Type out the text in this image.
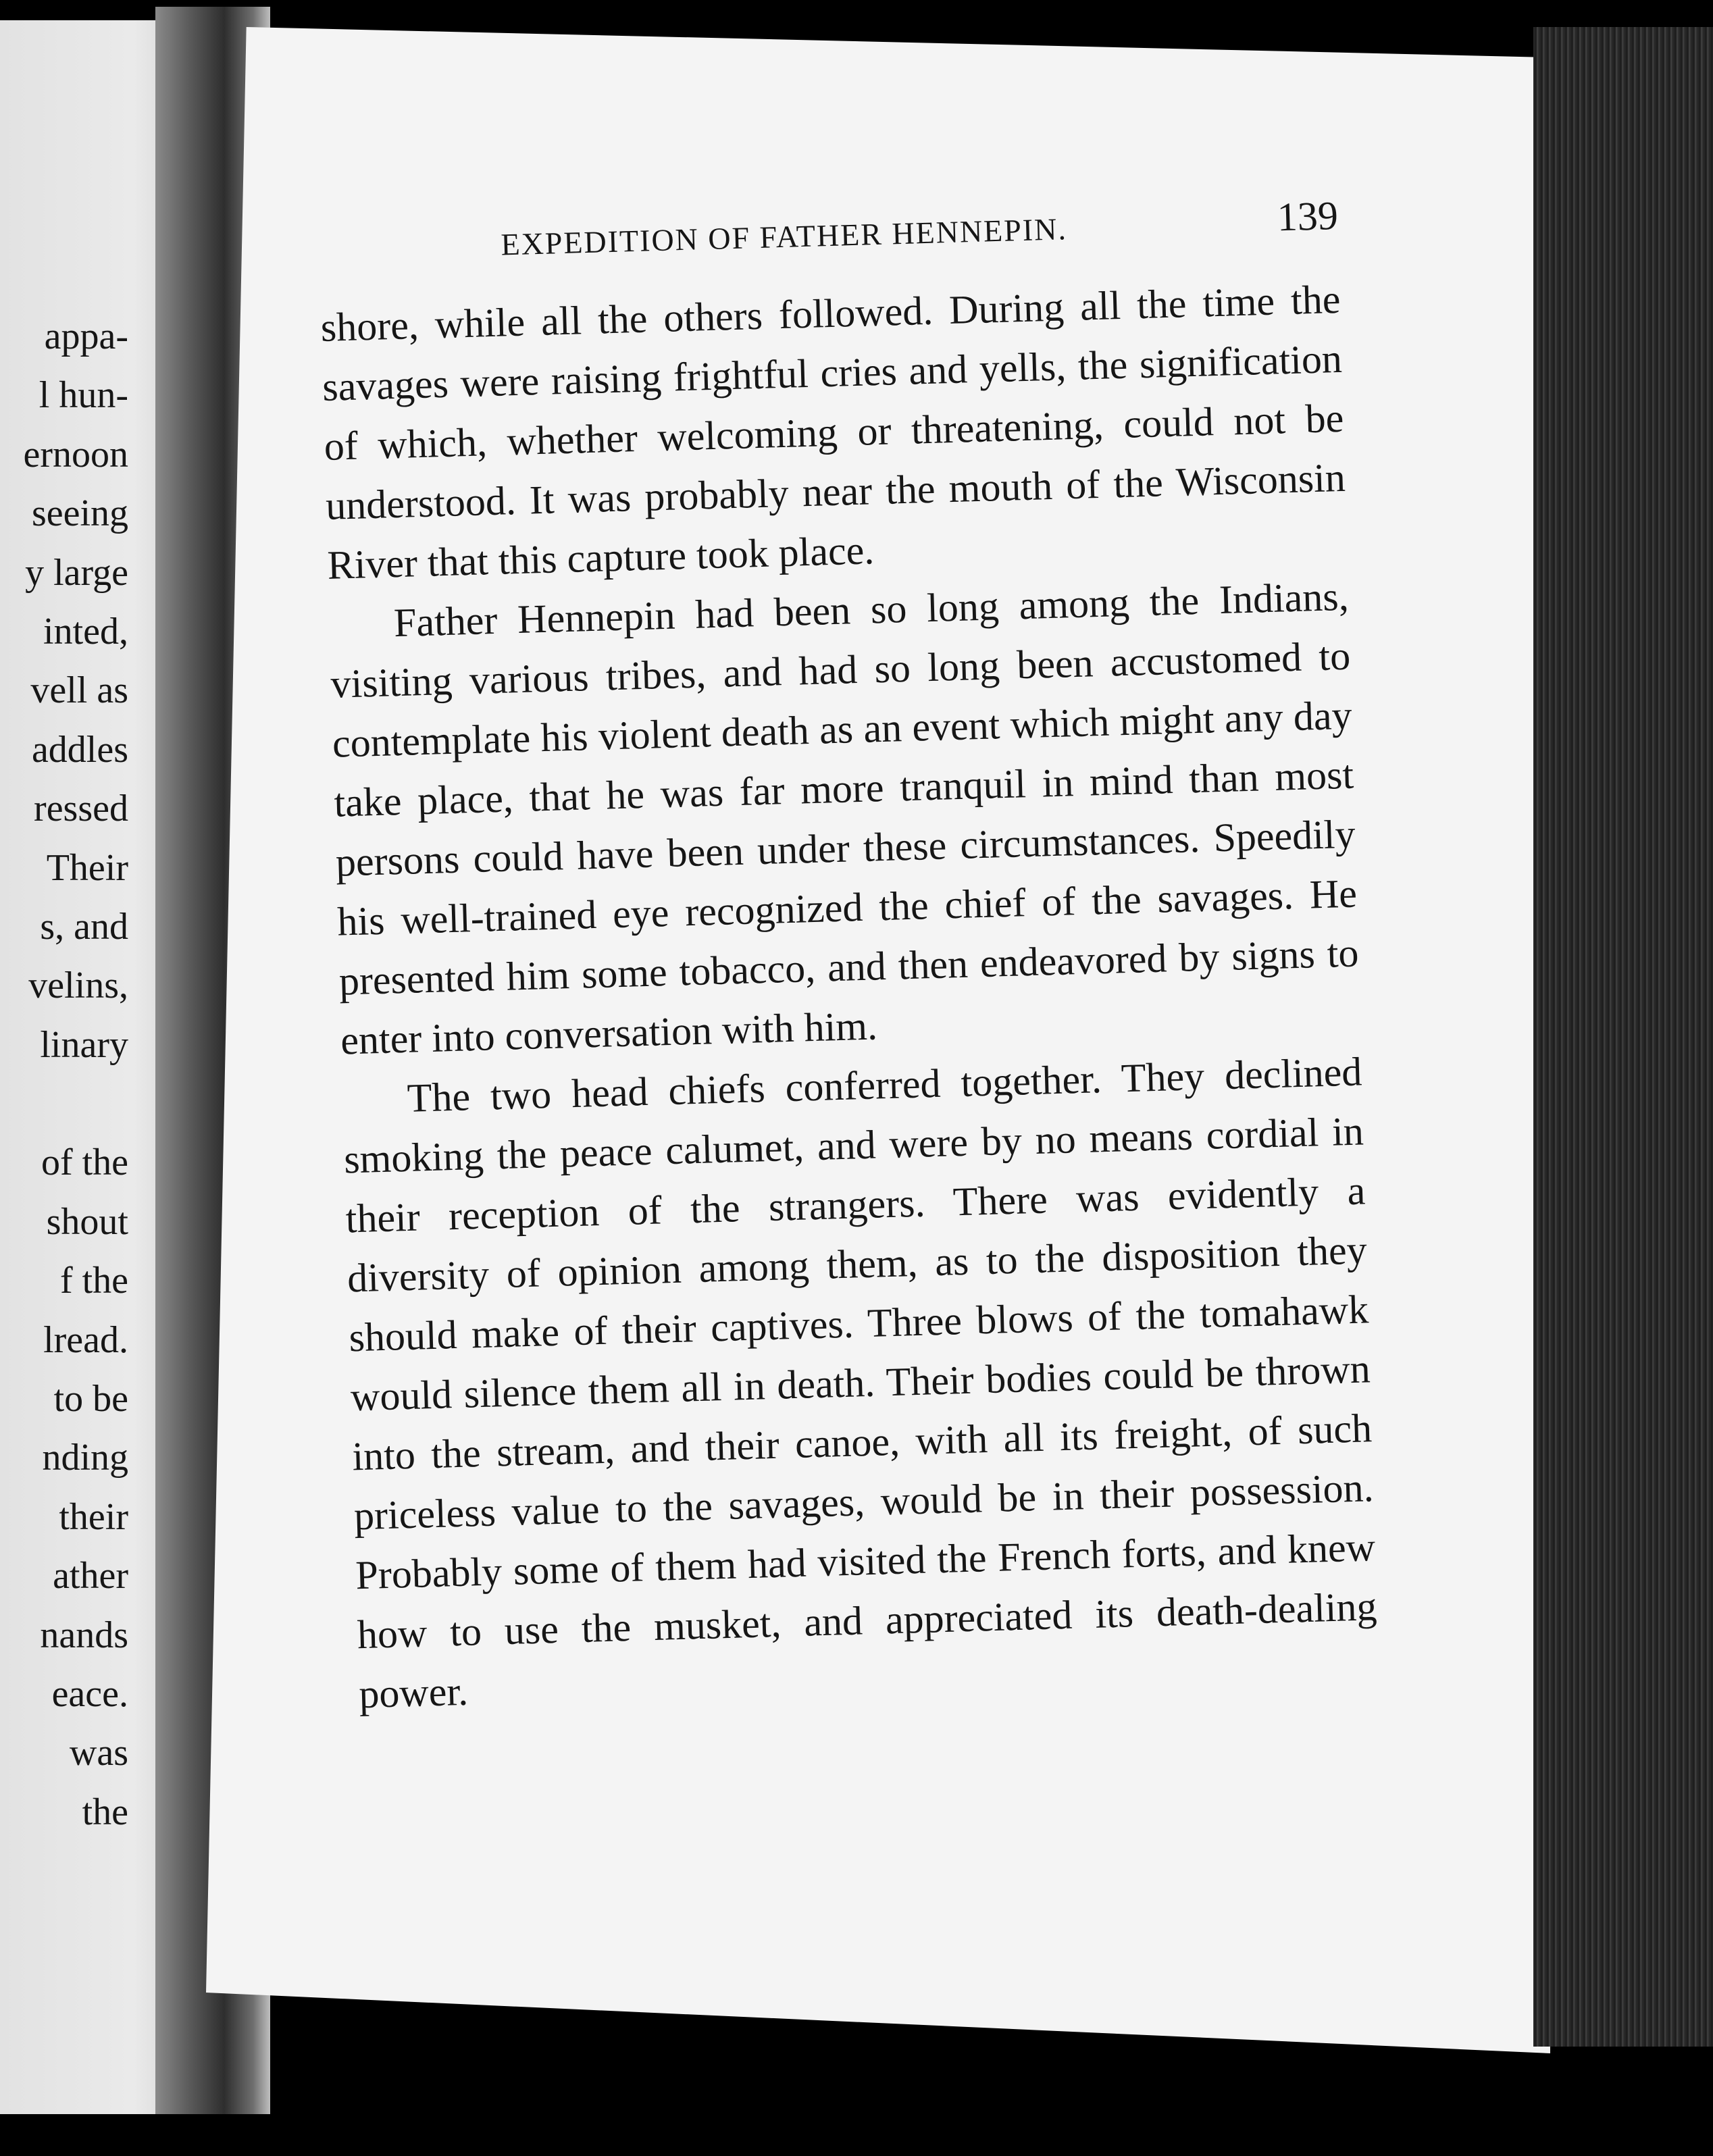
appa-
l hun-
ernoon
seeing
y large
inted,
vell as
addles
ressed
Their
s, and
velins,
linary
of the
shout
f the
lread.
to be
nding
their
ather
nands
eace.
was
the
EXPEDITION OF FATHER HENNEPIN.	139

shore, while all the others followed. During all the time the savages were raising frightful cries and yells, the signification of which, whether welcoming or threatening, could not be understood. It was probably near the mouth of the Wisconsin River that this capture took place.

Father Hennepin had been so long among the Indians, visiting various tribes, and had so long been accustomed to contemplate his violent death as an event which might any day take place, that he was far more tranquil in mind than most persons could have been under these circumstances. Speedily his well-trained eye recognized the chief of the savages. He presented him some tobacco, and then endeavored by signs to enter into conversation with him.

The two head chiefs conferred together. They declined smoking the peace calumet, and were by no means cordial in their reception of the strangers. There was evidently a diversity of opinion among them, as to the disposition they should make of their captives. Three blows of the tomahawk would silence them all in death. Their bodies could be thrown into the stream, and their canoe, with all its freight, of such priceless value to the savages, would be in their possession. Probably some of them had visited the French forts, and knew how to use the musket, and appreciated its death-dealing power.
